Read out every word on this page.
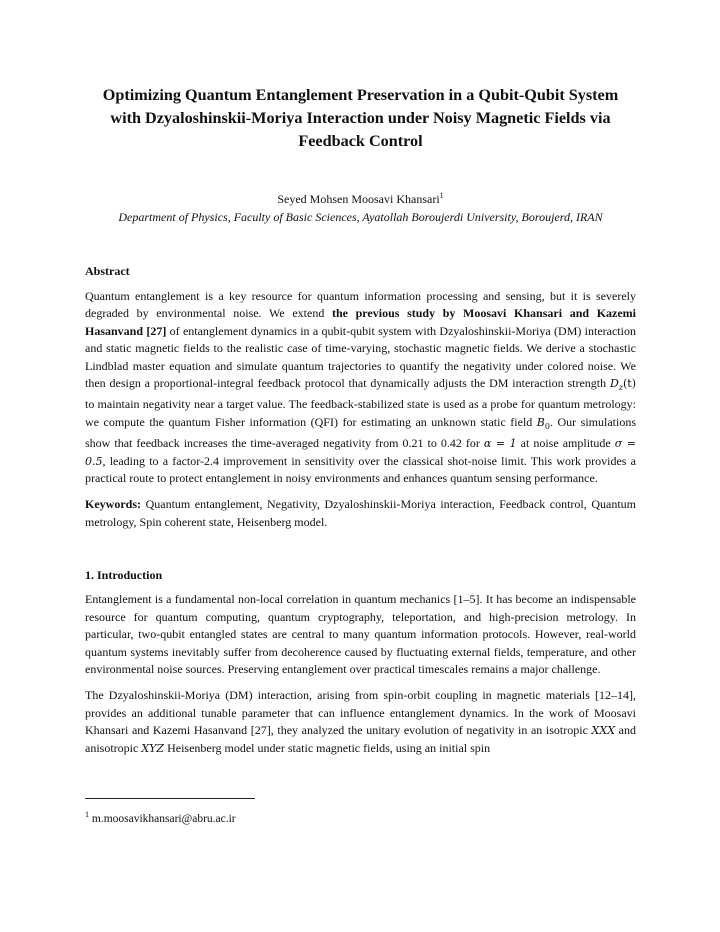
Optimizing Quantum Entanglement Preservation in a Qubit-Qubit System
with Dzyaloshinskii-Moriya Interaction under Noisy Magnetic Fields via
Feedback Control
Seyed Mohsen Moosavi Khansari$^1$
Department of Physics, Faculty of Basic Sciences, Ayatollah Boroujerdi University, Boroujerd, IRAN
Abstract
Quantum entanglement is a key resource for quantum information processing and sensing, but it is severely degraded by environmental noise. We extend the previous study by Moosavi Khansari and Kazemi Hasanvand [27] of entanglement dynamics in a qubit-qubit system with Dzyaloshinskii-Moriya (DM) interaction and static magnetic fields to the realistic case of time-varying, stochastic magnetic fields. We derive a stochastic Lindblad master equation and simulate quantum trajectories to quantify the negativity under colored noise. We then design a proportional-integral feedback protocol that dynamically adjusts the DM interaction strength $D_z(t)$ to maintain negativity near a target value. The feedback-stabilized state is used as a probe for quantum metrology: we compute the quantum Fisher information (QFI) for estimating an unknown static field $B_0$. Our simulations show that feedback increases the time-averaged negativity from 0.21 to 0.42 for α = 1 at noise amplitude σ = 0.5, leading to a factor-2.4 improvement in sensitivity over the classical shot-noise limit. This work provides a practical route to protect entanglement in noisy environments and enhances quantum sensing performance.
Keywords: Quantum entanglement, Negativity, Dzyaloshinskii-Moriya interaction, Feedback control, Quantum metrology, Spin coherent state, Heisenberg model.
1. Introduction
Entanglement is a fundamental non-local correlation in quantum mechanics [1–5]. It has become an indispensable resource for quantum computing, quantum cryptography, teleportation, and high-precision metrology. In particular, two-qubit entangled states are central to many quantum information protocols. However, real-world quantum systems inevitably suffer from decoherence caused by fluctuating external fields, temperature, and other environmental noise sources. Preserving entanglement over practical timescales remains a major challenge.
The Dzyaloshinskii-Moriya (DM) interaction, arising from spin-orbit coupling in magnetic materials [12–14], provides an additional tunable parameter that can influence entanglement dynamics. In the work of Moosavi Khansari and Kazemi Hasanvand [27], they analyzed the unitary evolution of negativity in an isotropic XXX and anisotropic XYZ Heisenberg model under static magnetic fields, using an initial spin
$^1$ m.moosavikhansari@abru.ac.ir
